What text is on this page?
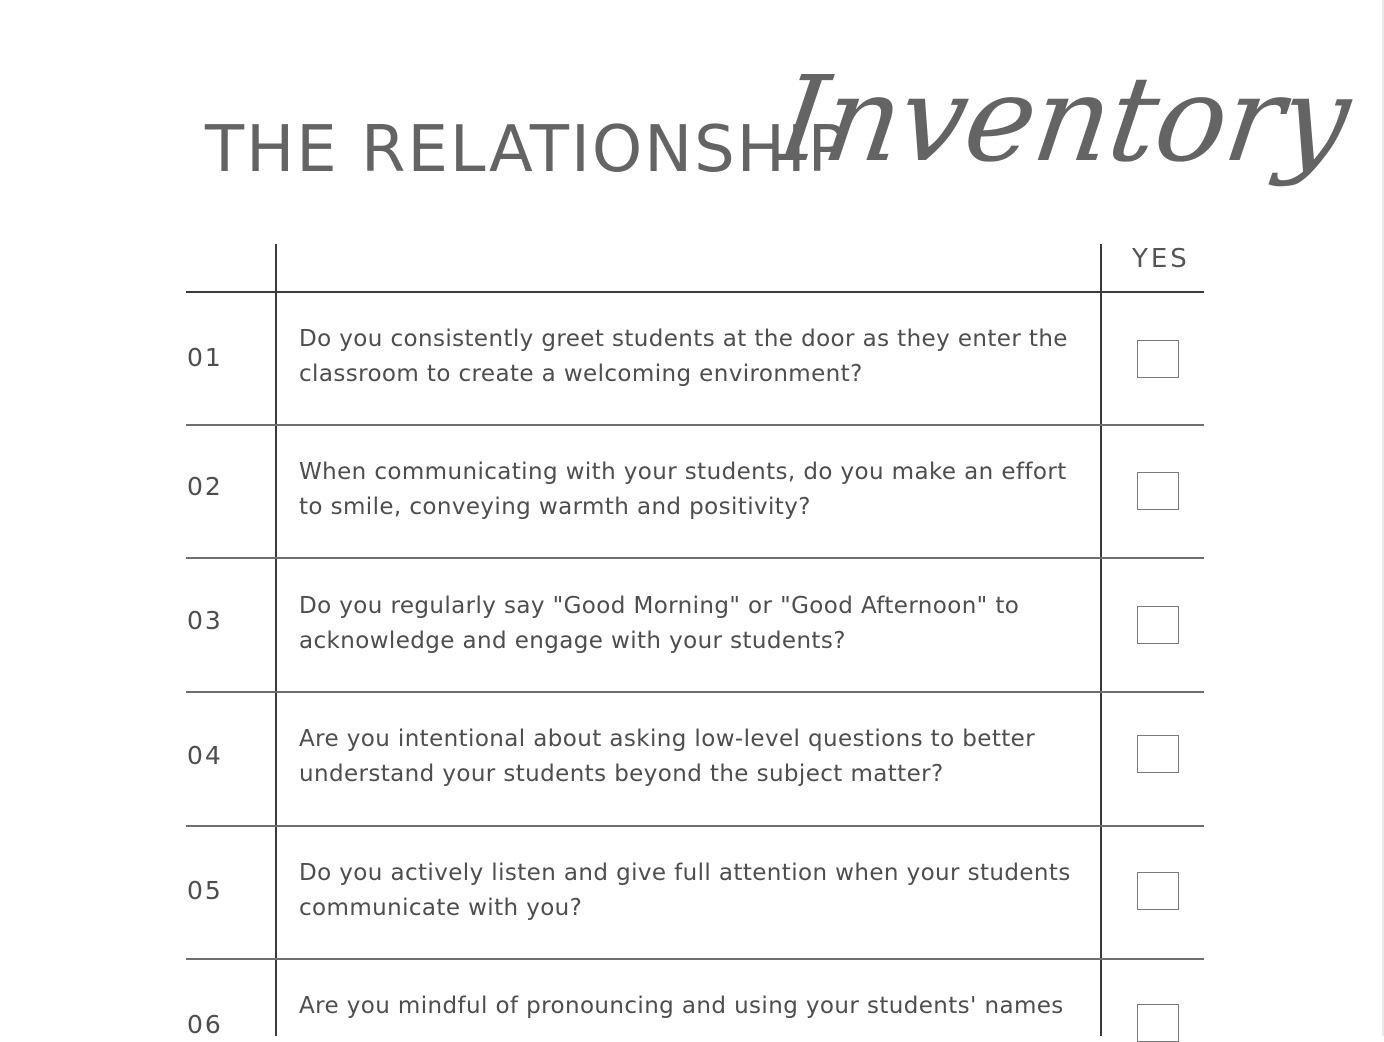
THE RELATIONSHIP
Inventory
YES
01
Do you consistently greet students at the door as they enter the classroom to create a welcoming environment?
02	When communicating with your students, do you make an effort to smile, conveying warmth and positivity?
03	Do you regularly say "Good Morning" or "Good Afternoon" to acknowledge and engage with your students?
04
Are you intentional about asking low-level questions to better understand your students beyond the subject matter?
05
Do you actively listen and give full attention when your students communicate with you?
06
Are you mindful of pronouncing and using your students' names
